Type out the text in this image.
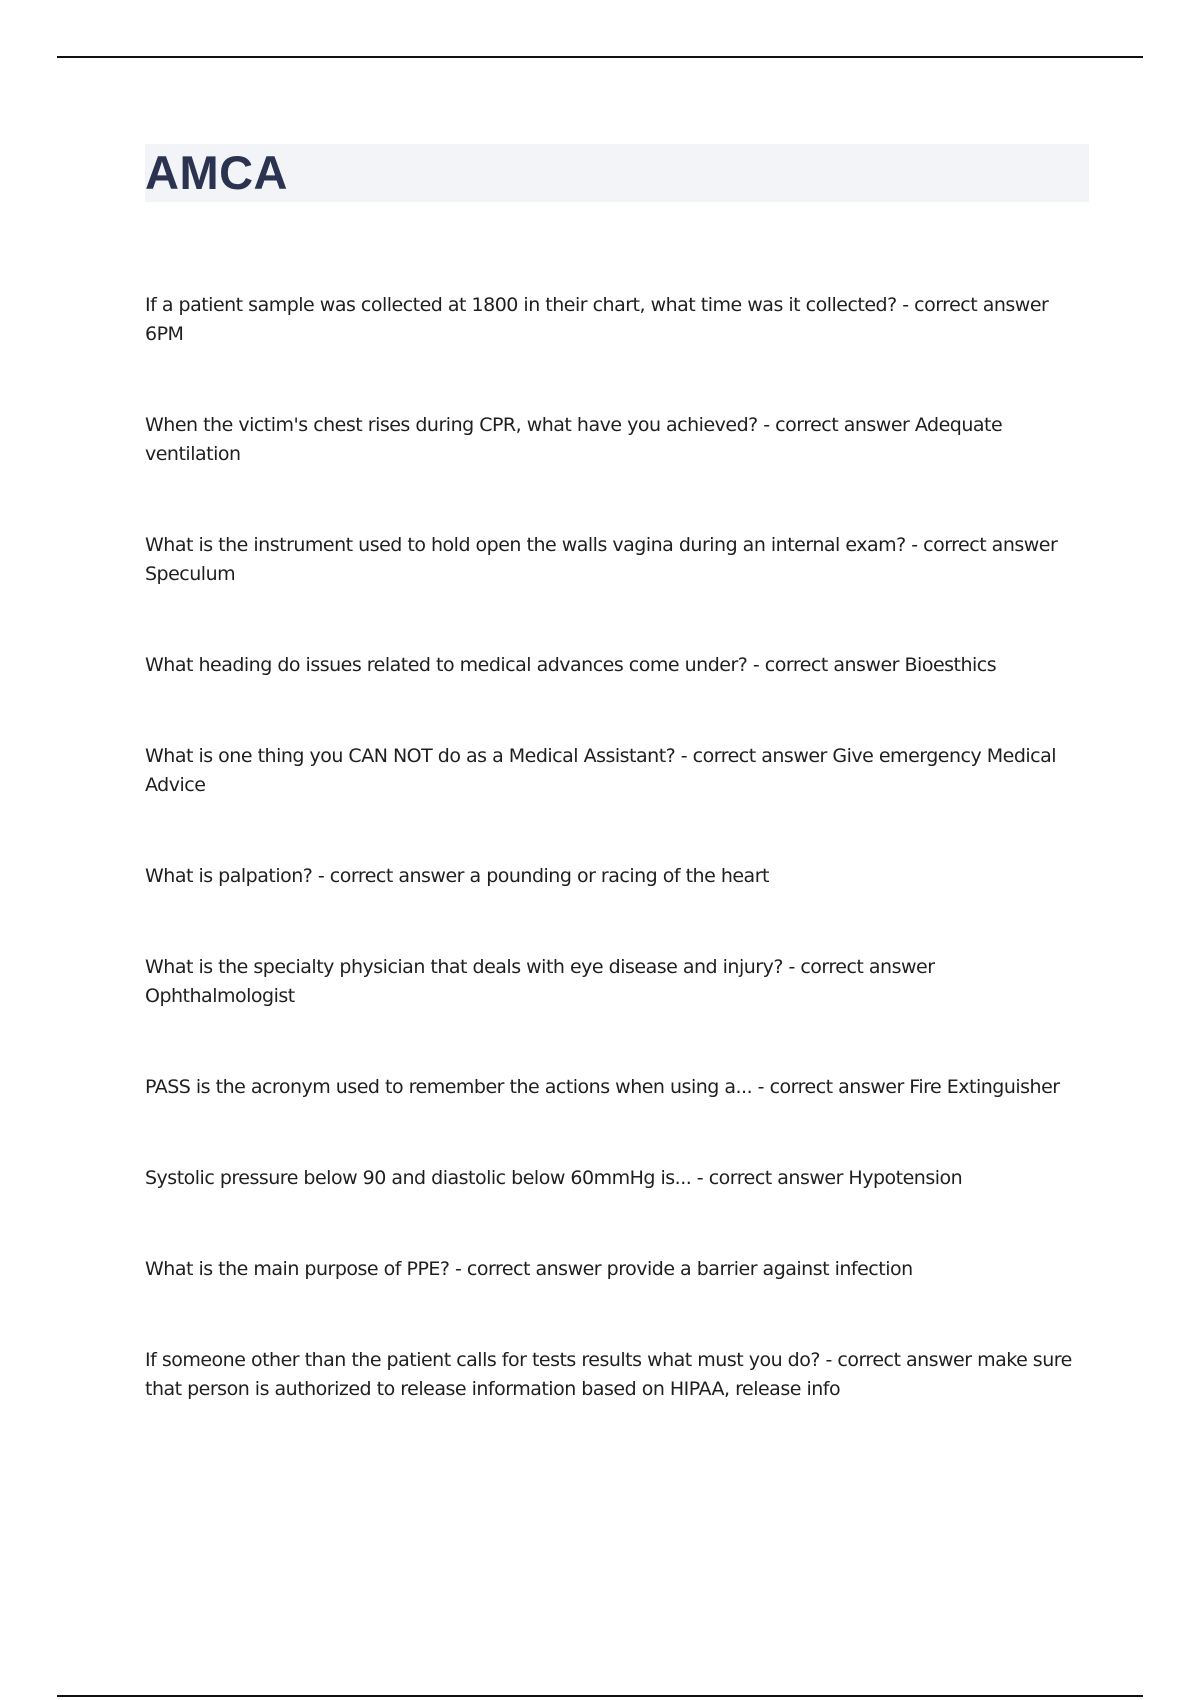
AMCA
If a patient sample was collected at 1800 in their chart, what time was it collected? - correct answer 6PM
When the victim's chest rises during CPR, what have you achieved? - correct answer Adequate ventilation
What is the instrument used to hold open the walls vagina during an internal exam? - correct answer Speculum
What heading do issues related to medical advances come under? - correct answer Bioesthics
What is one thing you CAN NOT do as a Medical Assistant? - correct answer Give emergency Medical Advice
What is palpation? - correct answer a pounding or racing of the heart
What is the specialty physician that deals with eye disease and injury? - correct answer Ophthalmologist
PASS is the acronym used to remember the actions when using a... - correct answer Fire Extinguisher
Systolic pressure below 90 and diastolic below 60mmHg is... - correct answer Hypotension
What is the main purpose of PPE? - correct answer provide a barrier against infection
If someone other than the patient calls for tests results what must you do? - correct answer make sure that person is authorized to release information based on HIPAA, release info
